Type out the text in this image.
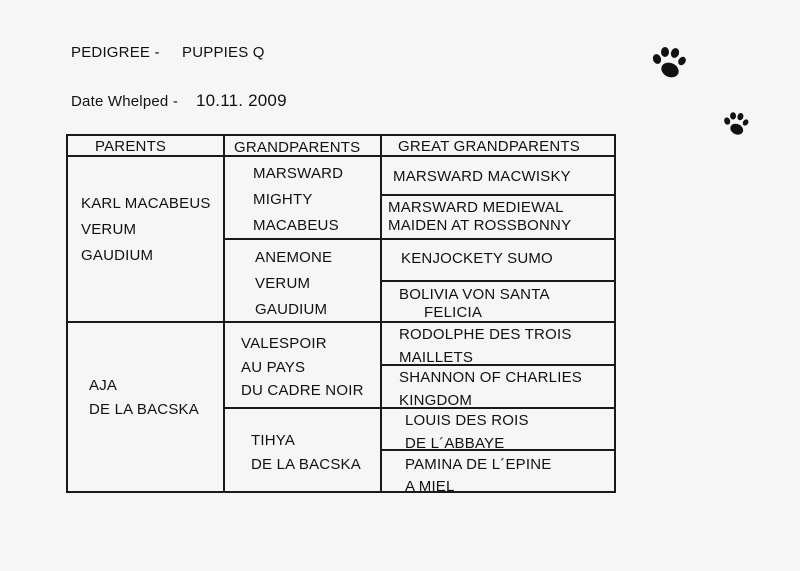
PEDIGREE - PUPPIES Q
Date Whelped - 10.11. 2009
PARENTS	GRANDPARENTS	GREAT GRANDPARENTS
KARL MACABEUS
VERUM
GAUDIUM
AJA
DE LA BACSKA
MARSWARD
MIGHTY
MACABEUS
ANEMONE
VERUM
GAUDIUM
VALESPOIR
AU PAYS
DU CADRE NOIR
TIHYA
DE LA BACSKA
MARSWARD MACWISKY
MARSWARD MEDIEWAL
MAIDEN AT ROSSBONNY
KENJOCKETY SUMO
BOLIVIA VON SANTA
FELICIA
RODOLPHE DES TROIS
MAILLETS
SHANNON OF CHARLIES
KINGDOM
LOUIS DES ROIS
DE L´ABBAYE
PAMINA DE L´EPINE
A MIEL
